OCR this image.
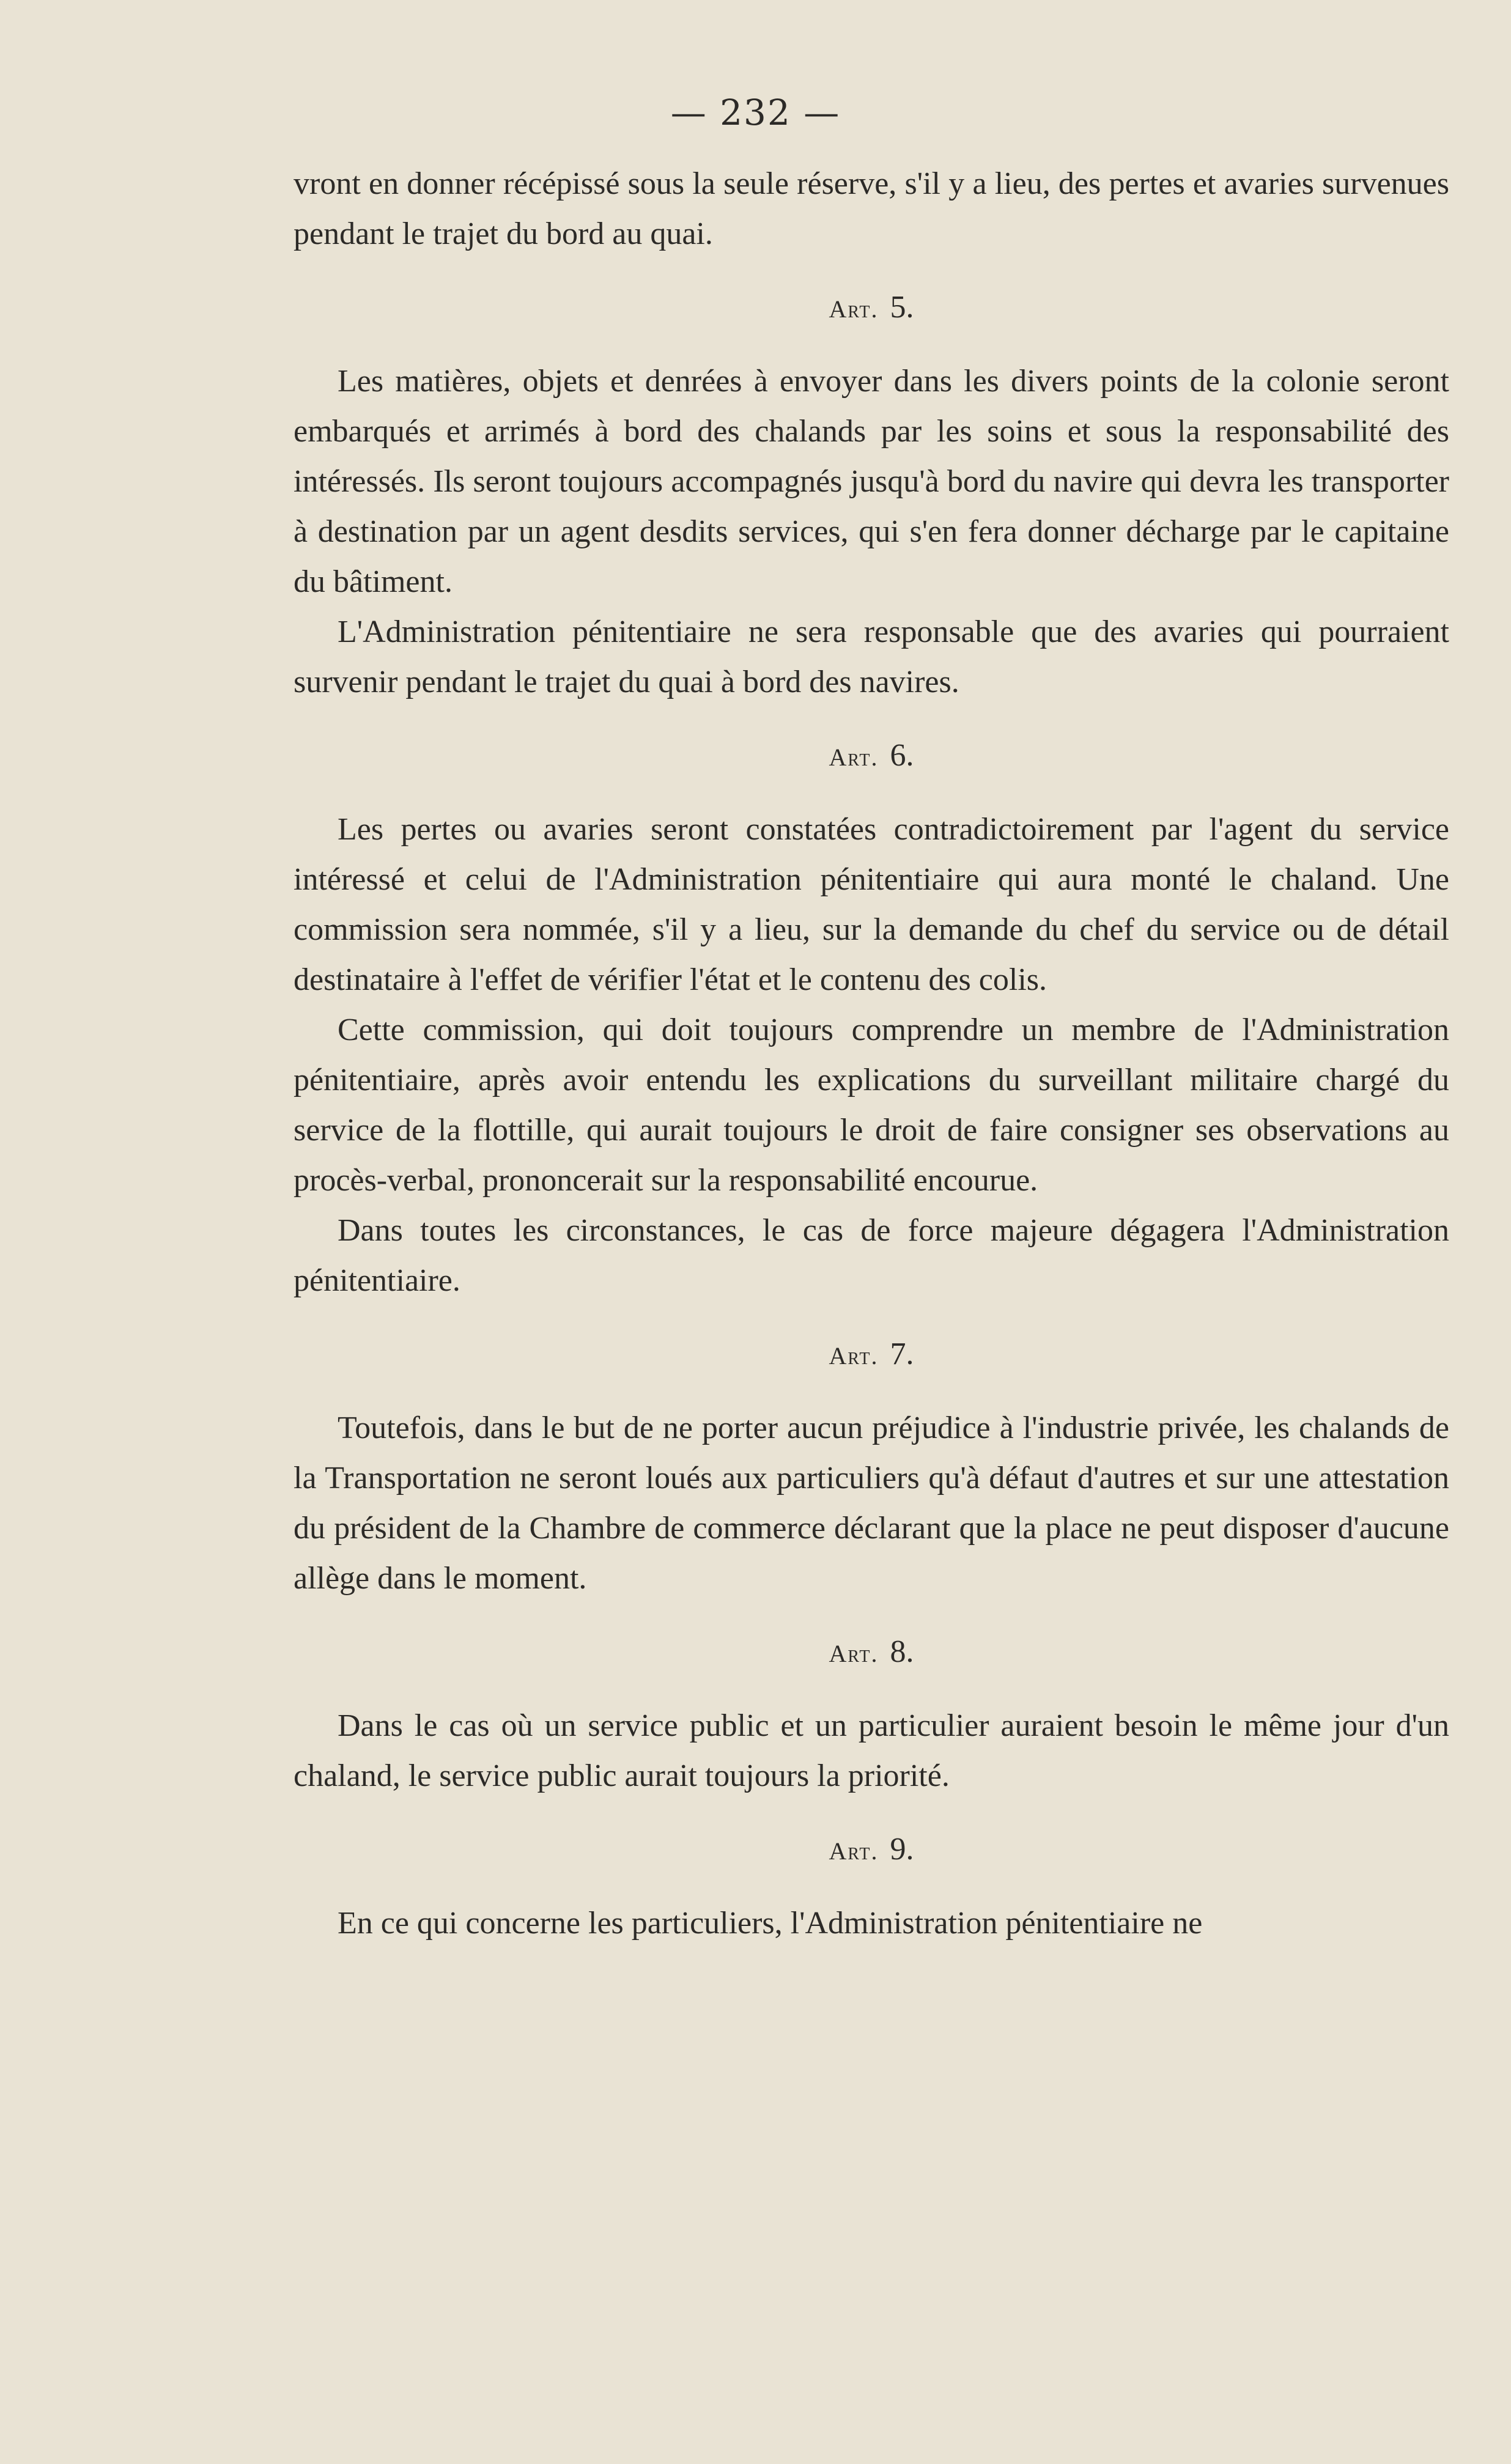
— 232 —

vront en donner récépissé sous la seule réserve, s'il y a lieu, des pertes et avaries survenues pendant le trajet du bord au quai.

Art. 5.

Les matières, objets et denrées à envoyer dans les divers points de la colonie seront embarqués et arrimés à bord des chalands par les soins et sous la responsabilité des intéressés. Ils seront toujours accompagnés jusqu'à bord du navire qui devra les transporter à destination par un agent desdits services, qui s'en fera donner décharge par le capitaine du bâtiment.

L'Administration pénitentiaire ne sera responsable que des avaries qui pourraient survenir pendant le trajet du quai à bord des navires.

Art. 6.

Les pertes ou avaries seront constatées contradictoirement par l'agent du service intéressé et celui de l'Administration pénitentiaire qui aura monté le chaland. Une commission sera nommée, s'il y a lieu, sur la demande du chef du service ou de détail destinataire à l'effet de vérifier l'état et le contenu des colis.

Cette commission, qui doit toujours comprendre un membre de l'Administration pénitentiaire, après avoir entendu les explications du surveillant militaire chargé du service de la flottille, qui aurait toujours le droit de faire consigner ses observations au procès-verbal, prononcerait sur la responsabilité encourue.

Dans toutes les circonstances, le cas de force majeure dégagera l'Administration pénitentiaire.

Art. 7.

Toutefois, dans le but de ne porter aucun préjudice à l'industrie privée, les chalands de la Transportation ne seront loués aux particuliers qu'à défaut d'autres et sur une attestation du président de la Chambre de commerce déclarant que la place ne peut disposer d'aucune allège dans le moment.

Art. 8.

Dans le cas où un service public et un particulier auraient besoin le même jour d'un chaland, le service public aurait toujours la priorité.

Art. 9.

En ce qui concerne les particuliers, l'Administration pénitentiaire ne
